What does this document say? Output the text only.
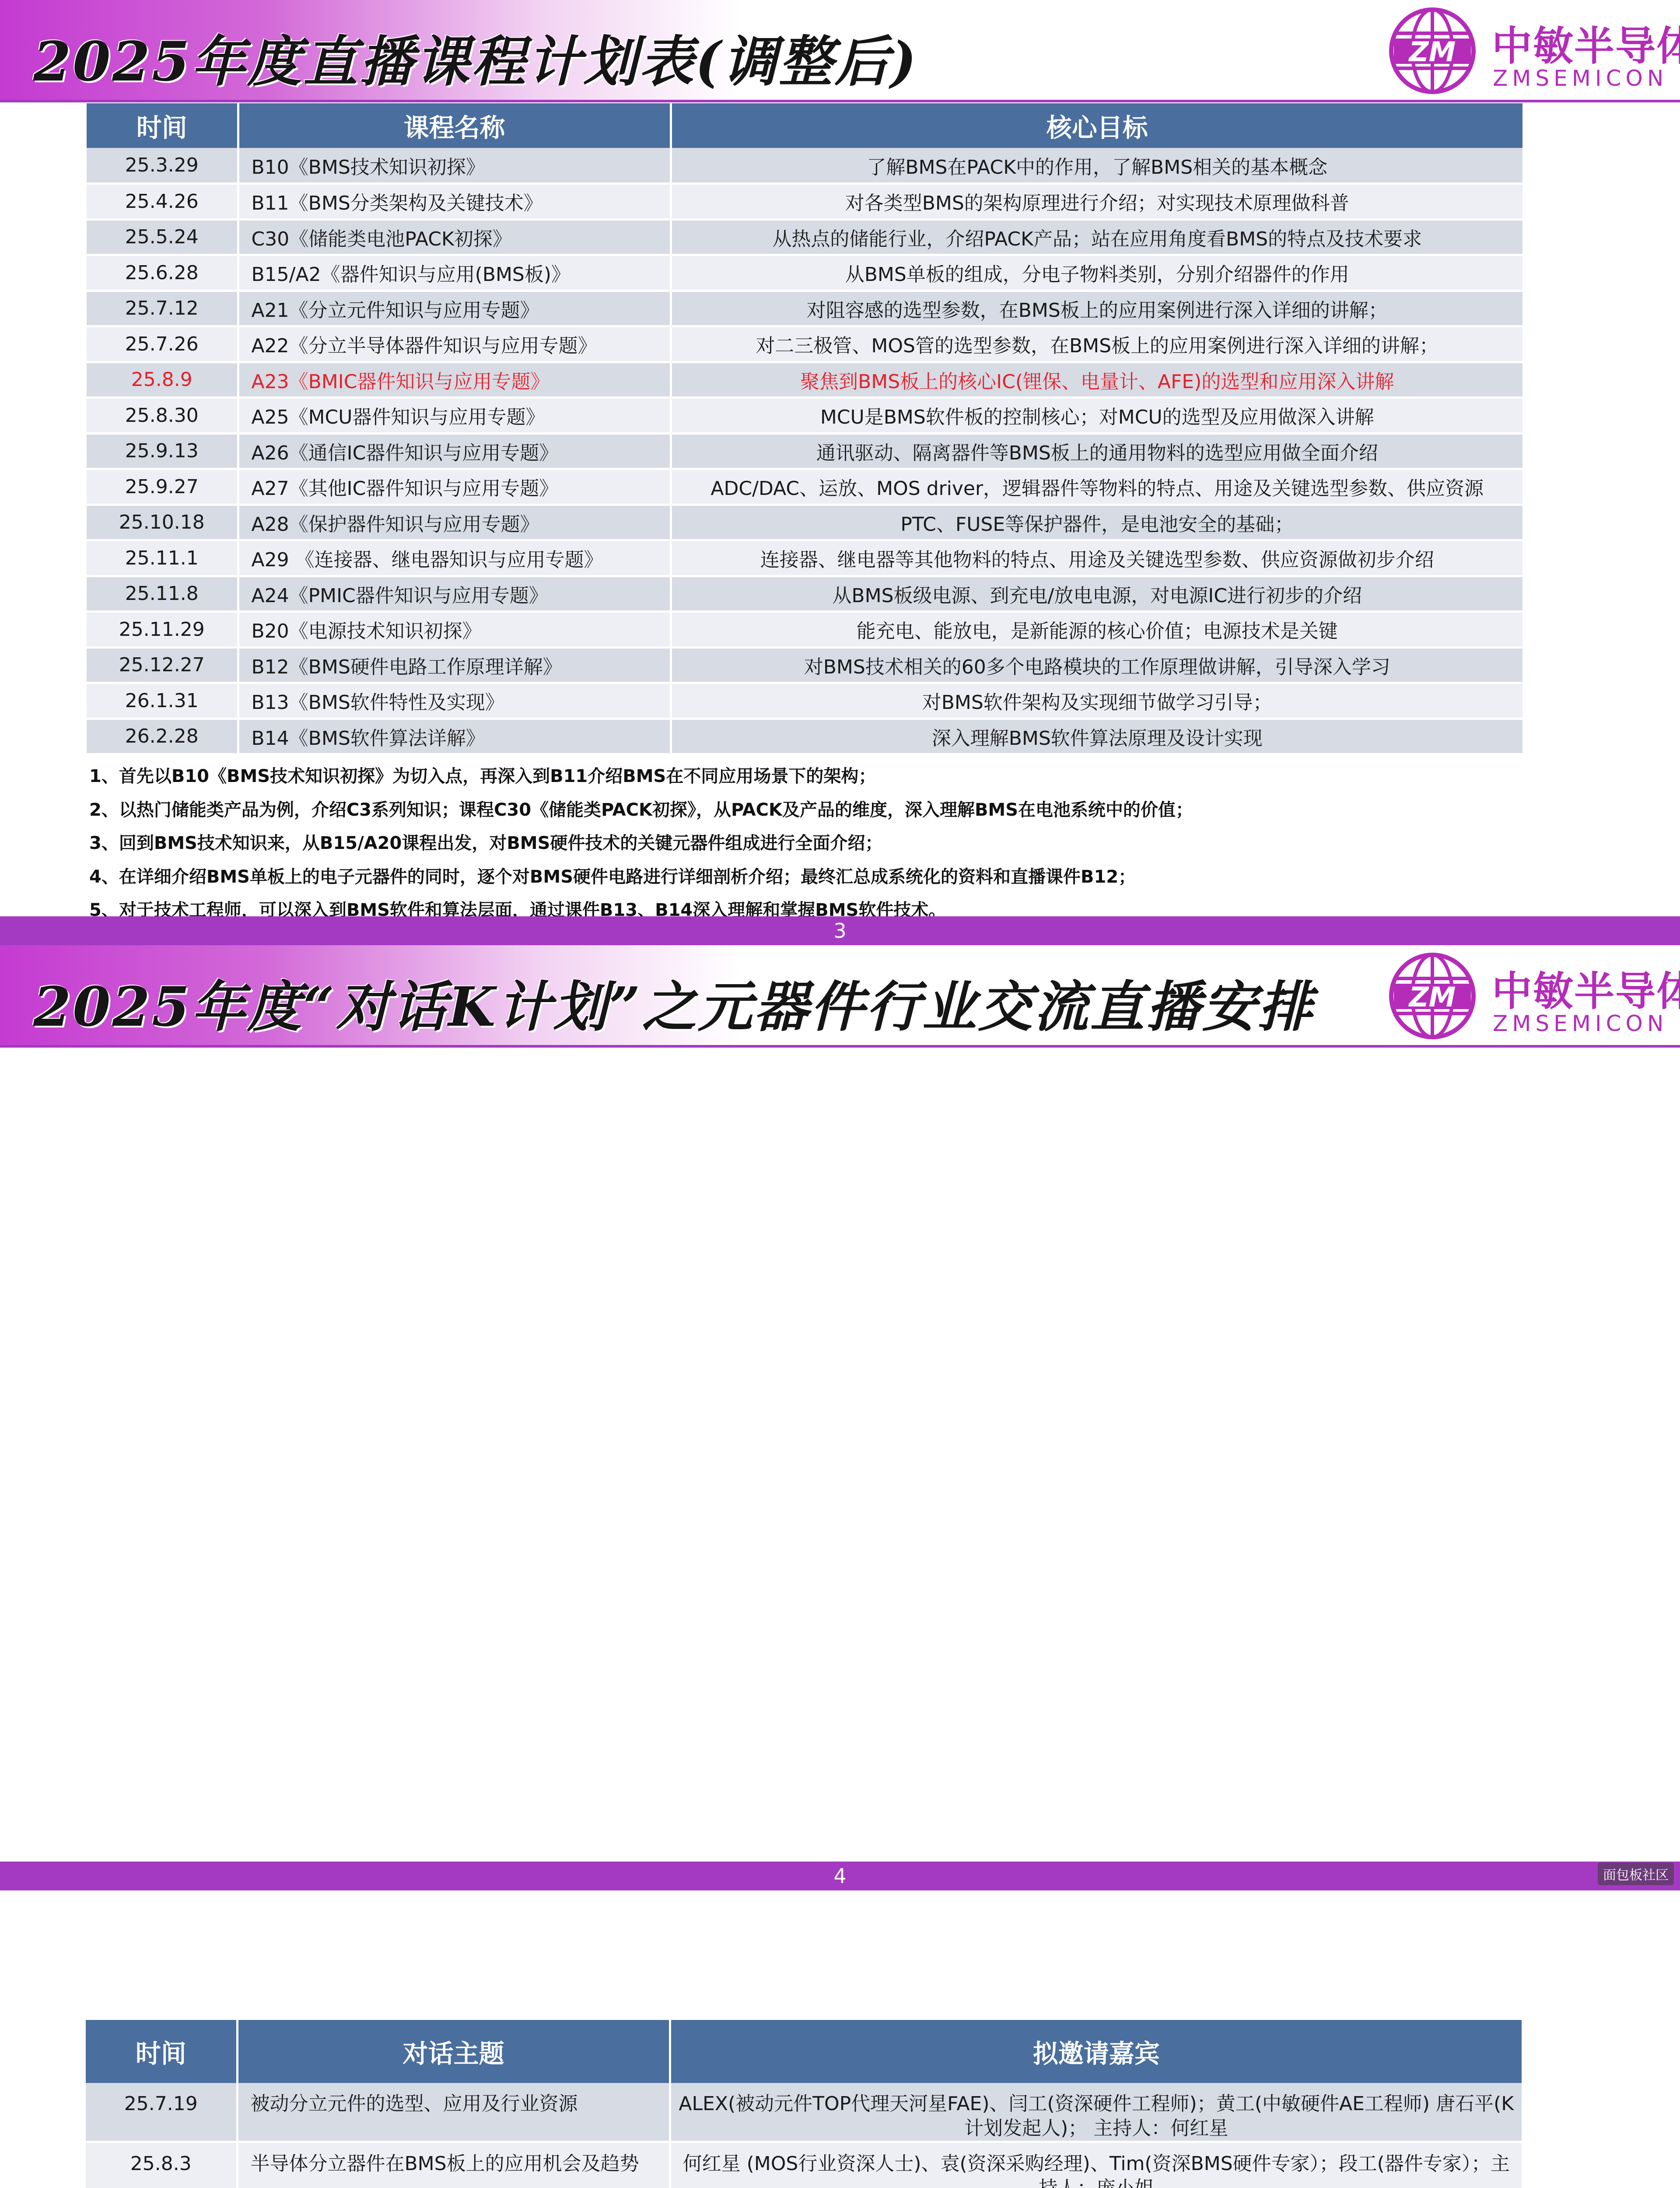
2025年度直播课程计划表(调整后)	ZM 中敏半导体
ZMSEMICON
时间	课程名称	核心目标
25.3.29	B10《BMS技术知识初探》	了解BMS在PACK中的作用，了解BMS相关的基本概念
25.4.26	B11《BMS分类架构及关键技术》	对各类型BMS的架构原理进行介绍；对实现技术原理做科普
25.5.24	C30《储能类电池PACK初探》	从热点的储能行业，介绍PACK产品；站在应用角度看BMS的特点及技术要求
25.6.28	B15/A2《器件知识与应用(BMS板)》	从BMS单板的组成，分电子物料类别，分别介绍器件的作用
25.7.12	A21《分立元件知识与应用专题》	对阻容感的选型参数，在BMS板上的应用案例进行深入详细的讲解；
25.7.26	A22《分立半导体器件知识与应用专题》	对二三极管、MOS管的选型参数，在BMS板上的应用案例进行深入详细的讲解；
25.8.9	A23《BMIC器件知识与应用专题》	聚焦到BMS板上的核心IC(锂保、电量计、AFE)的选型和应用深入讲解
25.8.30	A25《MCU器件知识与应用专题》	MCU是BMS软件板的控制核心；对MCU的选型及应用做深入讲解
25.9.13	A26《通信IC器件知识与应用专题》	通讯驱动、隔离器件等BMS板上的通用物料的选型应用做全面介绍
25.9.27	A27《其他IC器件知识与应用专题》	ADC/DAC、运放、MOS driver，逻辑器件等物料的特点、用途及关键选型参数、供应资源
25.10.18	A28《保护器件知识与应用专题》	PTC、FUSE等保护器件，是电池安全的基础；
25.11.1	A29 《连接器、继电器知识与应用专题》	连接器、继电器等其他物料的特点、用途及关键选型参数、供应资源做初步介绍
25.11.8	A24《PMIC器件知识与应用专题》	从BMS板级电源、到充电/放电电源，对电源IC进行初步的介绍
25.11.29	B20《电源技术知识初探》	能充电、能放电，是新能源的核心价值；电源技术是关键
25.12.27	B12《BMS硬件电路工作原理详解》	对BMS技术相关的60多个电路模块的工作原理做讲解，引导深入学习
26.1.31	B13《BMS软件特性及实现》	对BMS软件架构及实现细节做学习引导；
26.2.28	B14《BMS软件算法详解》	深入理解BMS软件算法原理及设计实现
1、首先以B10《BMS技术知识初探》为切入点，再深入到B11介绍BMS在不同应用场景下的架构；
2、以热门储能类产品为例，介绍C3系列知识；课程C30《储能类PACK初探》，从PACK及产品的维度，深入理解BMS在电池系统中的价值；
3、回到BMS技术知识来，从B15/A20课程出发，对BMS硬件技术的关键元器件组成进行全面介绍；
4、在详细介绍BMS单板上的电子元器件的同时，逐个对BMS硬件电路进行详细剖析介绍；最终汇总成系统化的资料和直播课件B12；
5、对于技术工程师，可以深入到BMS软件和算法层面，通过课件B13、B14深入理解和掌握BMS软件技术。
3
2025年度“对话K计划”之元器件行业交流直播安排	ZM 中敏半导体
ZMSEMICON
时间	对话主题	拟邀请嘉宾
25.7.19	被动分立元件的选型、应用及行业资源	ALEX(被动元件TOP代理天河星FAE)、闫工(资深硬件工程师)；黄工(中敏硬件AE工程师) 唐石平(K计划发起人)； 主持人：何红星
25.8.3	半导体分立器件在BMS板上的应用机会及趋势	何红星 (MOS行业资深人士)、袁(资深采购经理)、Tim(资深BMS硬件专家）；段工(器件专家）；主

4
面包板社区
